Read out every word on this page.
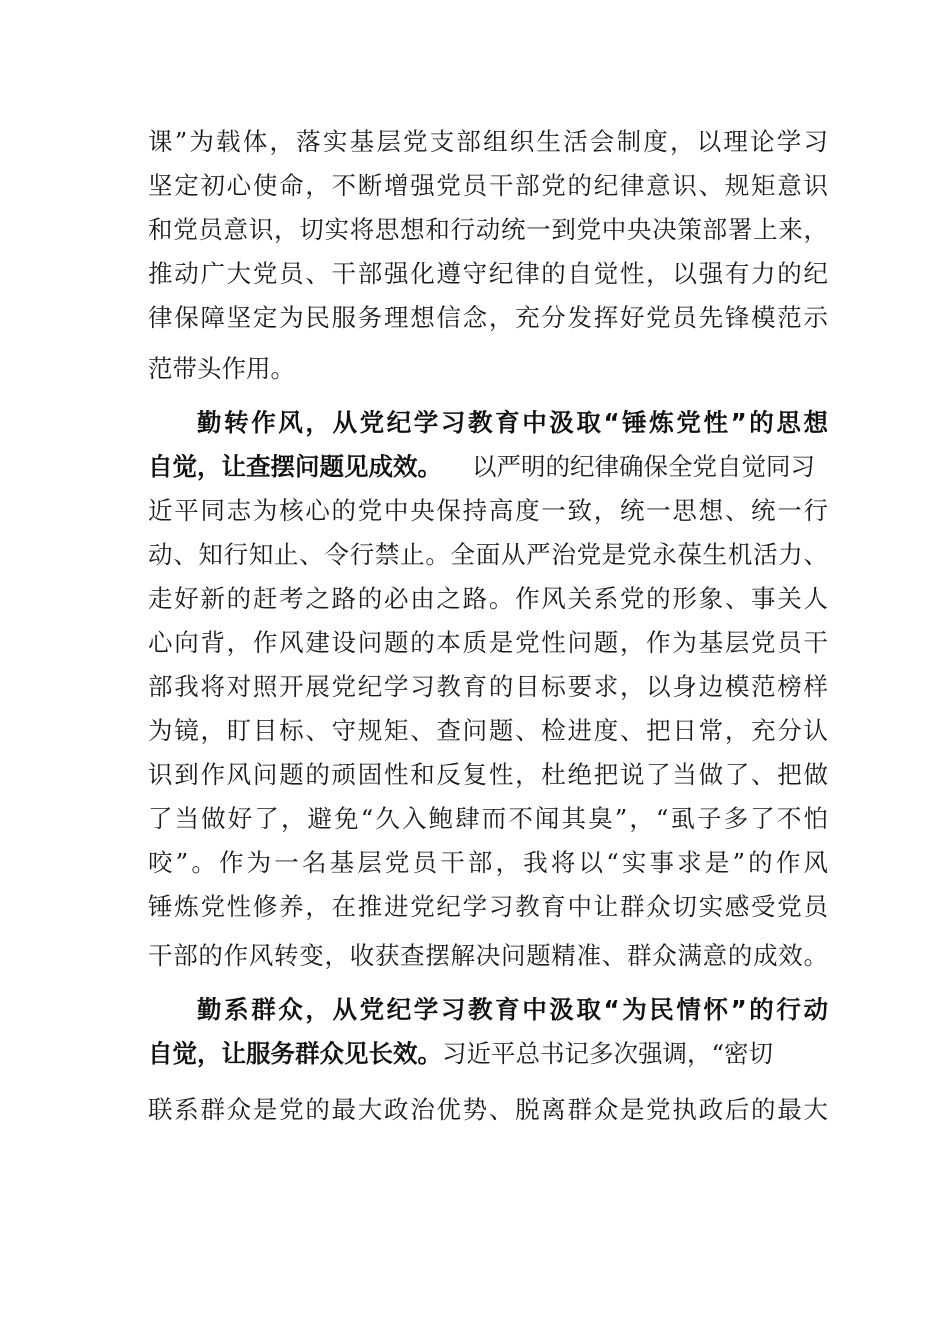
课”为载体，落实基层党支部组织生活会制度，以理论学习
坚定初心使命，不断增强党员干部党的纪律意识、规矩意识
和党员意识，切实将思想和行动统一到党中央决策部署上来，
推动广大党员、干部强化遵守纪律的自觉性，以强有力的纪
律保障坚定为民服务理想信念，充分发挥好党员先锋模范示
范带头作用。
勤转作风，从党纪学习教育中汲取“锤炼党性”的思想
自觉，让查摆问题见成效。 以严明的纪律确保全党自觉同习
近平同志为核心的党中央保持高度一致，统一思想、统一行
动、知行知止、令行禁止。全面从严治党是党永葆生机活力、
走好新的赶考之路的必由之路。作风关系党的形象、事关人
心向背，作风建设问题的本质是党性问题，作为基层党员干
部我将对照开展党纪学习教育的目标要求，以身边模范榜样
为镜，盯目标、守规矩、查问题、检进度、把日常，充分认
识到作风问题的顽固性和反复性，杜绝把说了当做了、把做
了当做好了，避免“久入鲍肆而不闻其臭”，“虱子多了不怕
咬”。作为一名基层党员干部，我将以“实事求是”的作风
锤炼党性修养，在推进党纪学习教育中让群众切实感受党员
干部的作风转变，收获查摆解决问题精准、群众满意的成效。
勤系群众，从党纪学习教育中汲取“为民情怀”的行动
自觉，让服务群众见长效。习近平总书记多次强调，“密切
联系群众是党的最大政治优势、脱离群众是党执政后的最大
